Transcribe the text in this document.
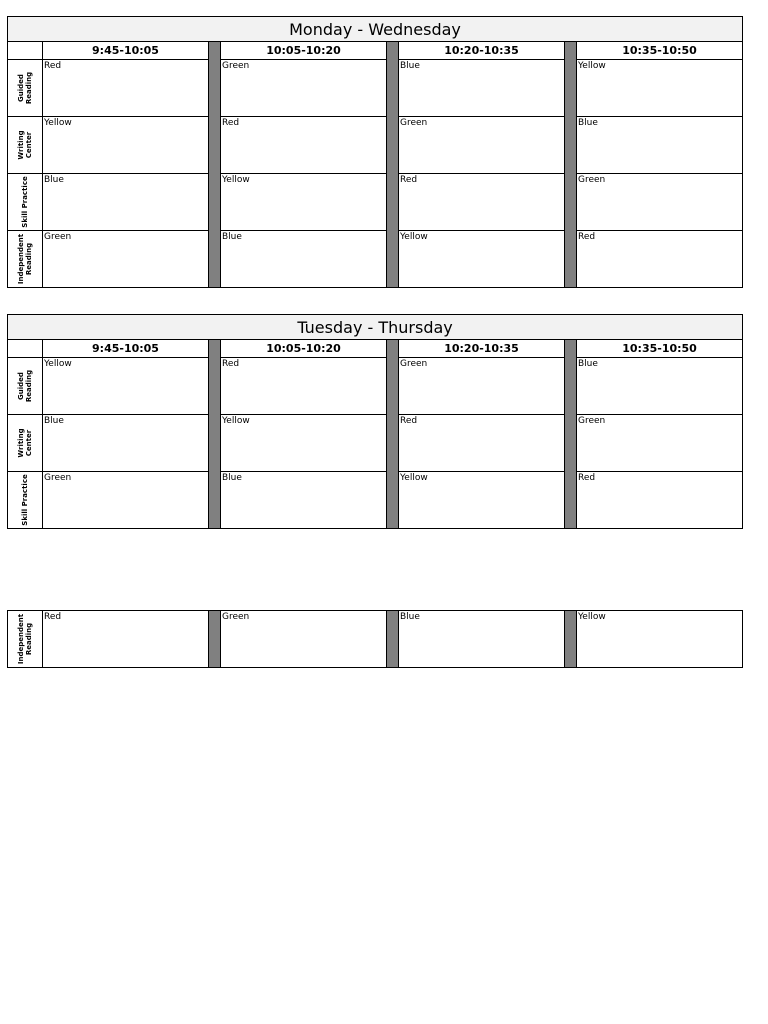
Monday - Wednesday							
	9:45-10:05		10:05-10:20		10:20-10:35		10:35-10:50

Guided
Reading	Red		Green		Blue		Yellow

Writing
Center	Yellow		Red		Green		Blue

Skill Practice	Blue		Yellow		Red		Green

Independent
Reading	Green		Blue		Yellow		Red
Tuesday - Thursday							
	9:45-10:05		10:05-10:20		10:20-10:35		10:35-10:50

Guided
Reading	Yellow		Red		Green		Blue

Writing
Center	Blue		Yellow		Red		Green

Skill Practice	Green		Blue		Yellow		Red
Independent
Reading
	Red		Green		Blue		Yellow
